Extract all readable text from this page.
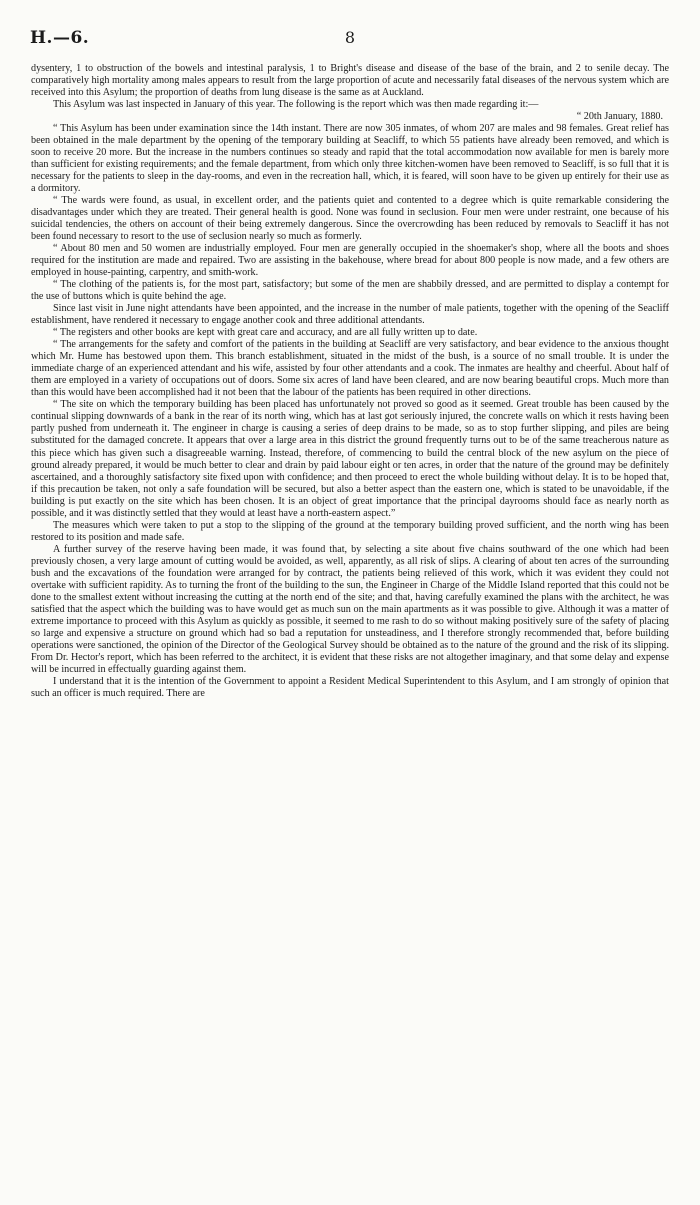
H.—6.	8

dysentery, 1 to obstruction of the bowels and intestinal paralysis, 1 to Bright's disease and disease of the base of the brain, and 2 to senile decay. The comparatively high mortality among males appears to result from the large proportion of acute and necessarily fatal diseases of the nervous system which are received into this Asylum; the proportion of deaths from lung disease is the same as at Auckland.

This Asylum was last inspected in January of this year. The following is the report which was then made regarding it:—

“ 20th January, 1880.

“ This Asylum has been under examination since the 14th instant. There are now 305 inmates, of whom 207 are males and 98 females. Great relief has been obtained in the male department by the opening of the temporary building at Seacliff, to which 55 patients have already been removed, and which is soon to receive 20 more. But the increase in the numbers continues so steady and rapid that the total accommodation now available for men is barely more than sufficient for existing requirements; and the female department, from which only three kitchen-women have been removed to Seacliff, is so full that it is necessary for the patients to sleep in the day-rooms, and even in the recreation hall, which, it is feared, will soon have to be given up entirely for their use as a dormitory.

“ The wards were found, as usual, in excellent order, and the patients quiet and contented to a degree which is quite remarkable considering the disadvantages under which they are treated. Their general health is good. None was found in seclusion. Four men were under restraint, one because of his suicidal tendencies, the others on account of their being extremely dangerous. Since the overcrowding has been reduced by removals to Seacliff it has not been found necessary to resort to the use of seclusion nearly so much as formerly.

“ About 80 men and 50 women are industrially employed. Four men are generally occupied in the shoemaker's shop, where all the boots and shoes required for the institution are made and repaired. Two are assisting in the bakehouse, where bread for about 800 people is now made, and a few others are employed in house-painting, carpentry, and smith-work.

“ The clothing of the patients is, for the most part, satisfactory; but some of the men are shabbily dressed, and are permitted to display a contempt for the use of buttons which is quite behind the age.

Since last visit in June night attendants have been appointed, and the increase in the number of male patients, together with the opening of the Seacliff establishment, have rendered it necessary to engage another cook and three additional attendants.

“ The registers and other books are kept with great care and accuracy, and are all fully written up to date.

“ The arrangements for the safety and comfort of the patients in the building at Seacliff are very satisfactory, and bear evidence to the anxious thought which Mr. Hume has bestowed upon them. This branch establishment, situated in the midst of the bush, is a source of no small trouble. It is under the immediate charge of an experienced attendant and his wife, assisted by four other attendants and a cook. The inmates are healthy and cheerful. About half of them are employed in a variety of occupations out of doors. Some six acres of land have been cleared, and are now bearing beautiful crops. Much more than than this would have been accomplished had it not been that the labour of the patients has been required in other directions.

“ The site on which the temporary building has been placed has unfortunately not proved so good as it seemed. Great trouble has been caused by the continual slipping downwards of a bank in the rear of its north wing, which has at last got seriously injured, the concrete walls on which it rests having been partly pushed from underneath it. The engineer in charge is causing a series of deep drains to be made, so as to stop further slipping, and piles are being substituted for the damaged concrete. It appears that over a large area in this district the ground frequently turns out to be of the same treacherous nature as this piece which has given such a disagreeable warning. Instead, therefore, of commencing to build the central block of the new asylum on the piece of ground already prepared, it would be much better to clear and drain by paid labour eight or ten acres, in order that the nature of the ground may be definitely ascertained, and a thoroughly satisfactory site fixed upon with confidence; and then proceed to erect the whole building without delay. It is to be hoped that, if this precaution be taken, not only a safe foundation will be secured, but also a better aspect than the eastern one, which is stated to be unavoidable, if the building is put exactly on the site which has been chosen. It is an object of great importance that the principal dayrooms should face as nearly north as possible, and it was distinctly settled that they would at least have a north-eastern aspect.”

The measures which were taken to put a stop to the slipping of the ground at the temporary building proved sufficient, and the north wing has been restored to its position and made safe.

A further survey of the reserve having been made, it was found that, by selecting a site about five chains southward of the one which had been previously chosen, a very large amount of cutting would be avoided, as well, apparently, as all risk of slips. A clearing of about ten acres of the surrounding bush and the excavations of the foundation were arranged for by contract, the patients being relieved of this work, which it was evident they could not overtake with sufficient rapidity. As to turning the front of the building to the sun, the Engineer in Charge of the Middle Island reported that this could not be done to the smallest extent without increasing the cutting at the north end of the site; and that, having carefully examined the plans with the architect, he was satisfied that the aspect which the building was to have would get as much sun on the main apartments as it was possible to give. Although it was a matter of extreme importance to proceed with this Asylum as quickly as possible, it seemed to me rash to do so without making positively sure of the safety of placing so large and expensive a structure on ground which had so bad a reputation for unsteadiness, and I therefore strongly recommended that, before building operations were sanctioned, the opinion of the Director of the Geological Survey should be obtained as to the nature of the ground and the risk of its slipping. From Dr. Hector's report, which has been referred to the architect, it is evident that these risks are not altogether imaginary, and that some delay and expense will be incurred in effectually guarding against them.

I understand that it is the intention of the Government to appoint a Resident Medical Superintendent to this Asylum, and I am strongly of opinion that such an officer is much required. There are
